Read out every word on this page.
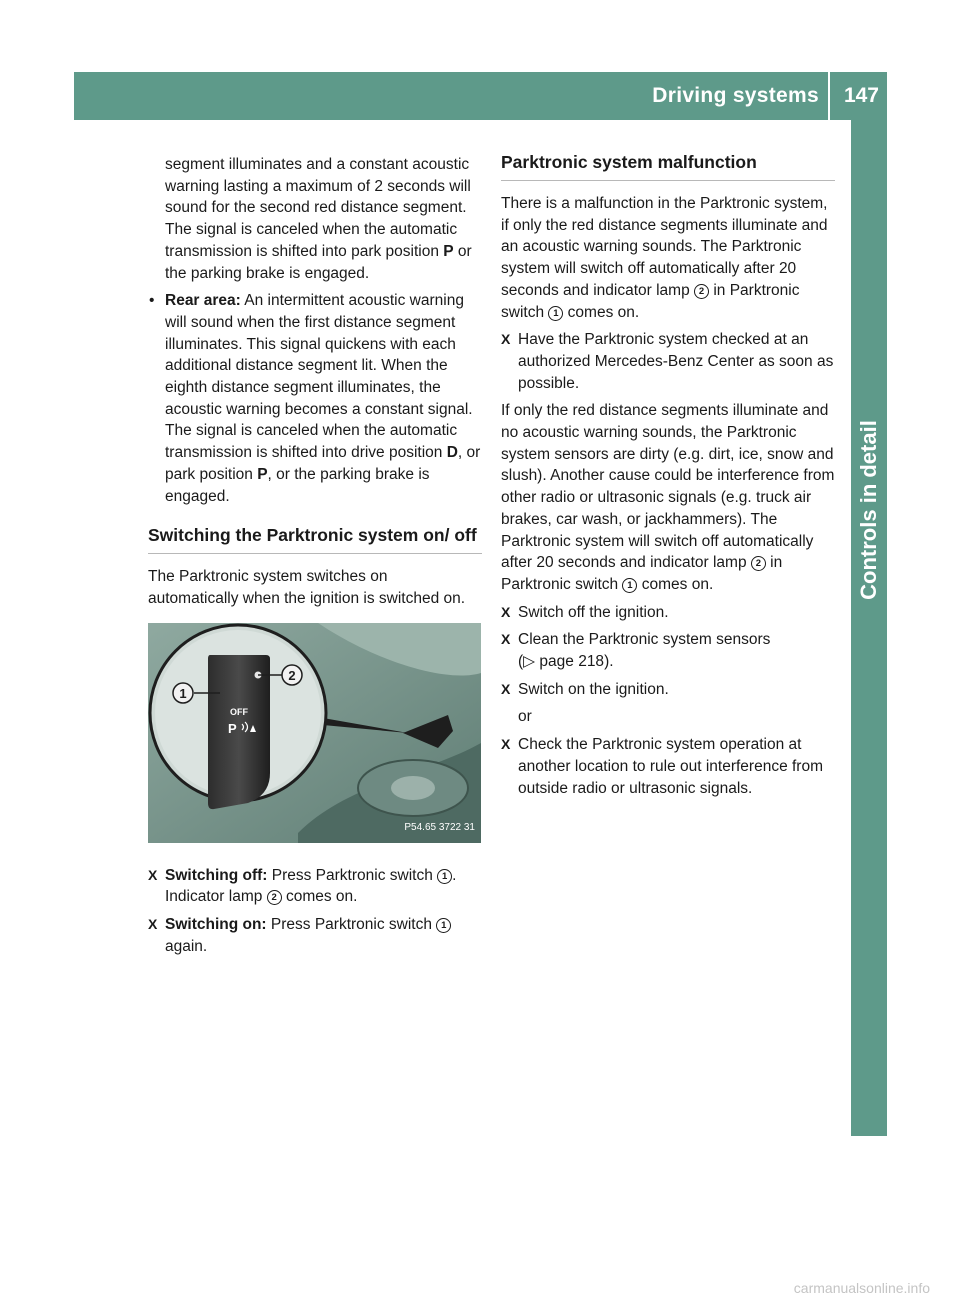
Driving systems 147
Controls in detail

segment illuminates and a constant acoustic warning lasting a maximum of 2 seconds will sound for the second red distance segment. The signal is canceled when the automatic transmission is shifted into park position P or the parking brake is engaged.

• Rear area: An intermittent acoustic warning will sound when the first distance segment illuminates. This signal quickens with each additional distance segment lit. When the eighth distance segment illuminates, the acoustic warning becomes a constant signal. The signal is canceled when the automatic transmission is shifted into drive position D, or park position P, or the parking brake is engaged.
Switching the Parktronic system on/ off

The Parktronic system switches on automatically when the ignition is switched on.

OFF
P
1
2
P54.65 3722 31
X Switching off: Press Parktronic switch 1 .
Indicator lamp 2 comes on.
X Switching on: Press Parktronic switch 1 again.
Parktronic system malfunction

There is a malfunction in the Parktronic system, if only the red distance segments illuminate and an acoustic warning sounds. The Parktronic system will switch off automatically after 20 seconds and indicator lamp 2 in Parktronic switch 1 comes on.

X Have the Parktronic system checked at an authorized Mercedes-Benz Center as soon as possible.

If only the red distance segments illuminate and no acoustic warning sounds, the Parktronic system sensors are dirty (e.g. dirt, ice, snow and slush). Another cause could be interference from other radio or ultrasonic signals (e.g. truck air brakes, car wash, or jackhammers). The Parktronic system will switch off automatically after 20 seconds and indicator lamp 2 in Parktronic switch 1 comes on.

X Switch off the ignition.
X Clean the Parktronic system sensors
(▷ page 218).
X Switch on the ignition.

or

X Check the Parktronic system operation at another location to rule out interference from outside radio or ultrasonic signals.
carmanualsonline.info
